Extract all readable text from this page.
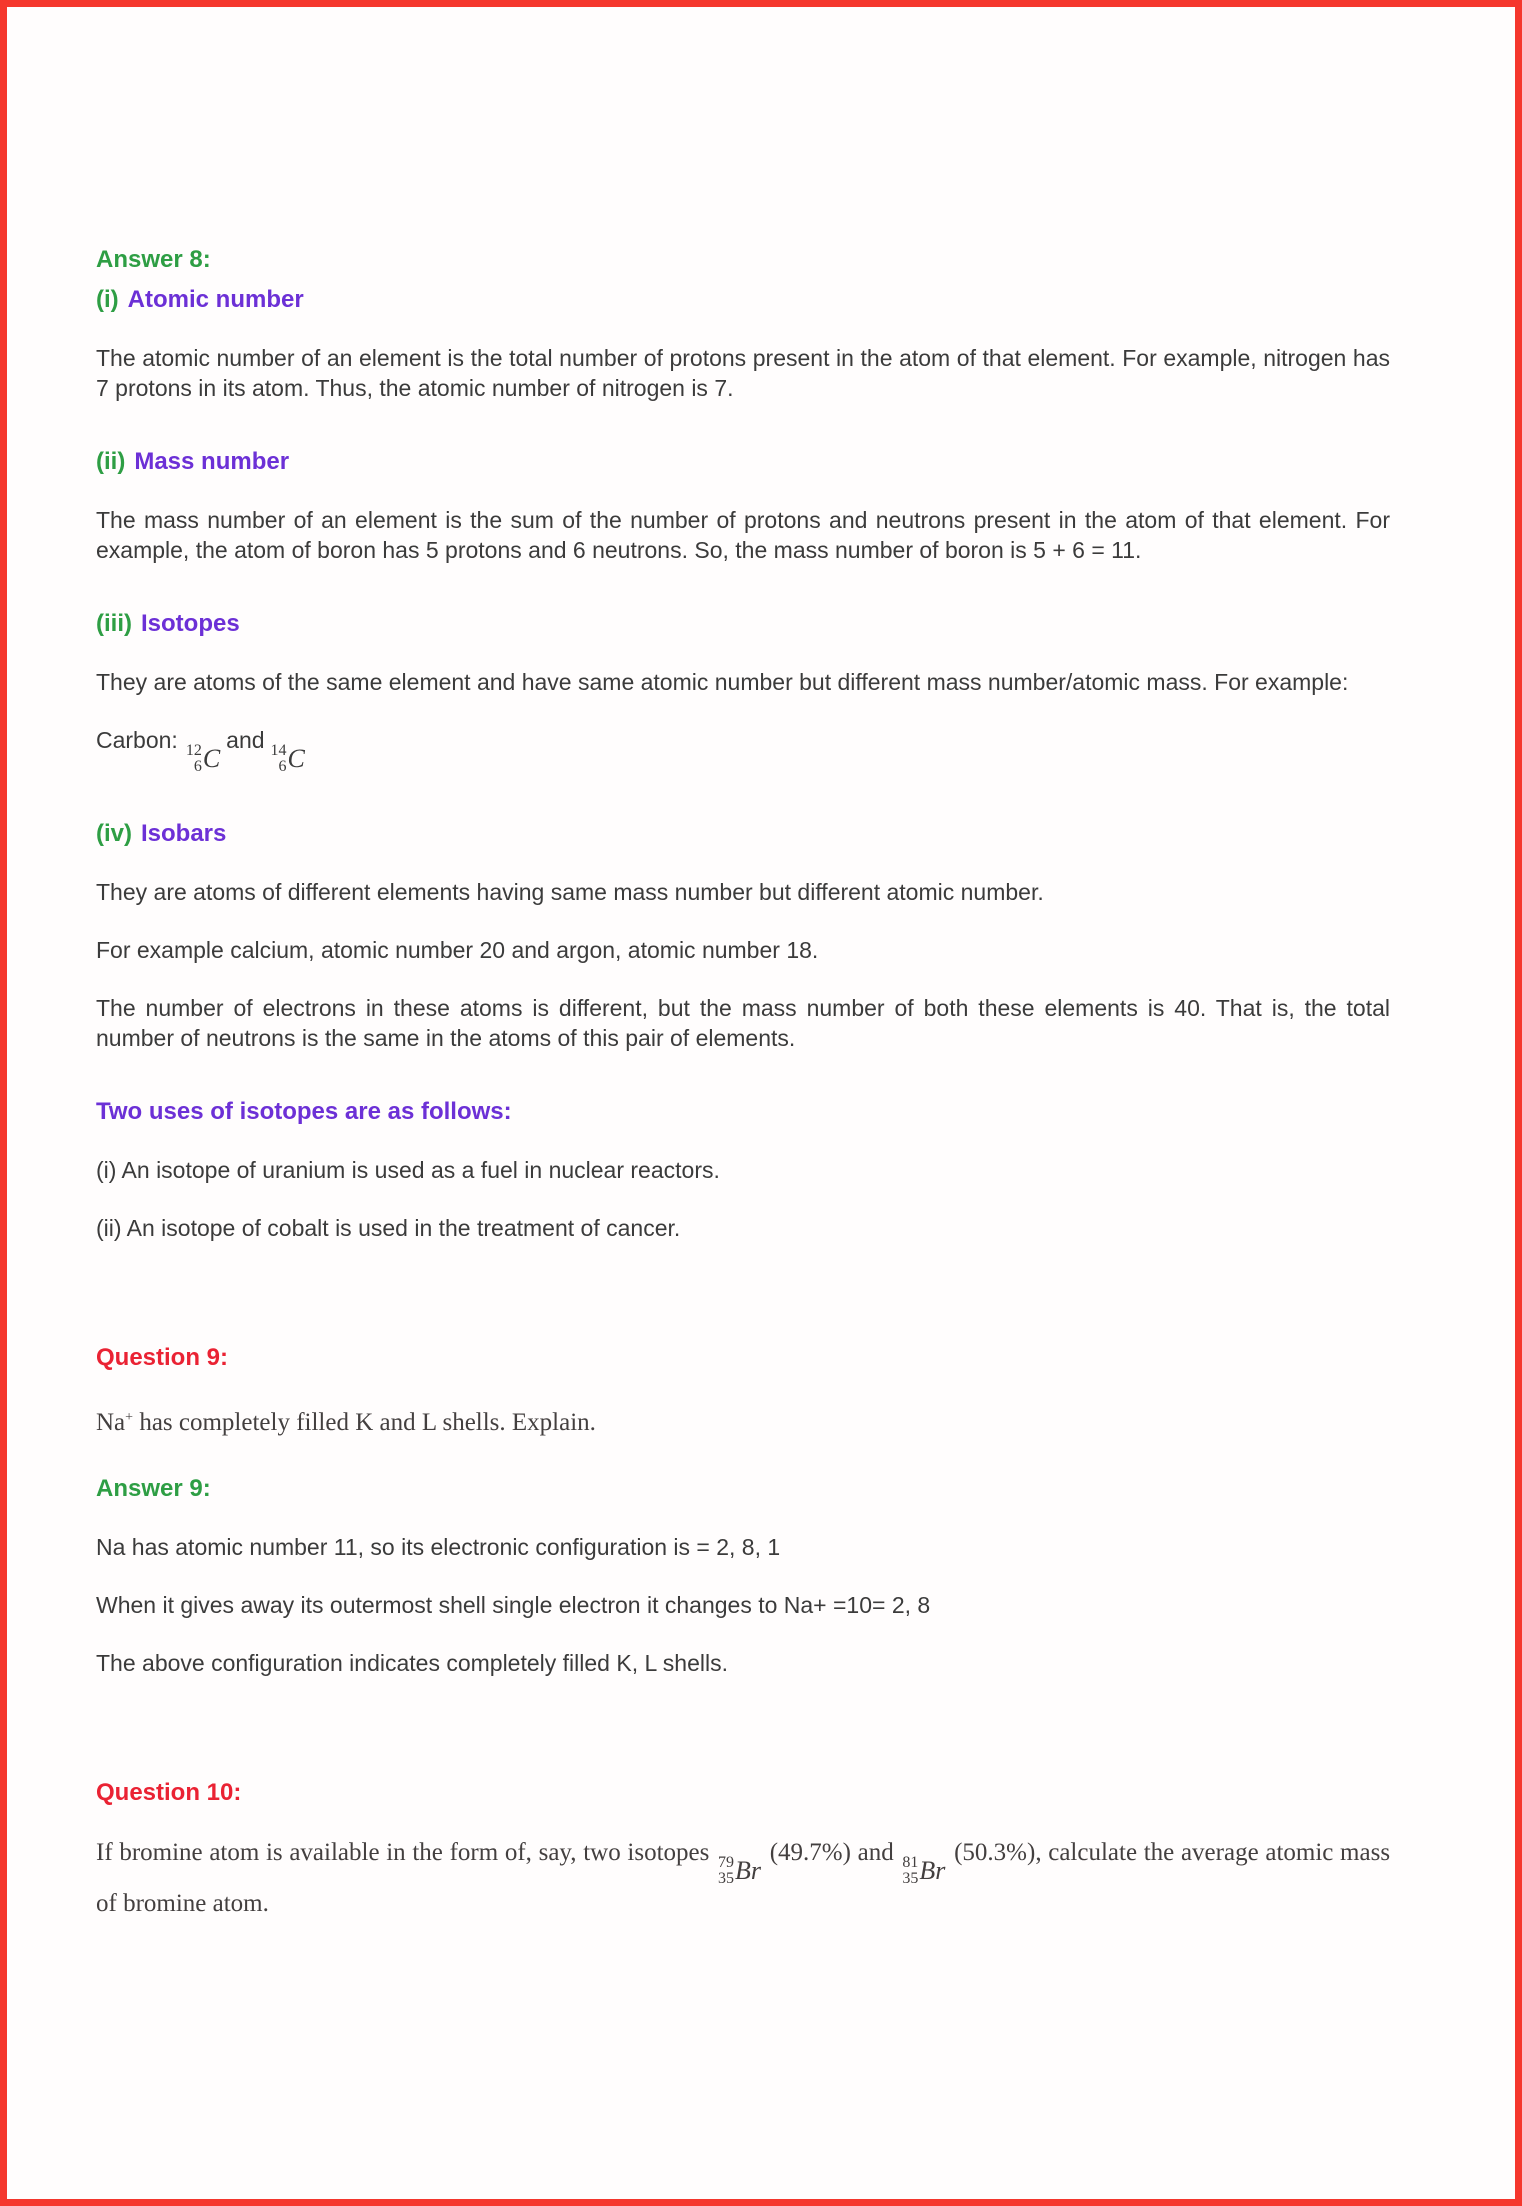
Answer 8:
(i) Atomic number

The atomic number of an element is the total number of protons present in the atom of that element. For example, nitrogen has 7 protons in its atom. Thus, the atomic number of nitrogen is 7.

(ii) Mass number

The mass number of an element is the sum of the number of protons and neutrons present in the atom of that element. For example, the atom of boron has 5 protons and 6 neutrons. So, the mass number of boron is 5 + 6 = 11.

(iii) Isotopes

They are atoms of the same element and have same atomic number but different mass number/atomic mass. For example:

Carbon: 12
6 C
and 14
6 C

(iv) Isobars

They are atoms of different elements having same mass number but different atomic number.

For example calcium, atomic number 20 and argon, atomic number 18.

The number of electrons in these atoms is different, but the mass number of both these elements is 40. That is, the total number of neutrons is the same in the atoms of this pair of elements.

Two uses of isotopes are as follows:

(i) An isotope of uranium is used as a fuel in nuclear reactors.

(ii) An isotope of cobalt is used in the treatment of cancer.

Question 9:

Na+ has completely filled K and L shells. Explain.

Answer 9:

Na has atomic number 11, so its electronic configuration is = 2, 8, 1

When it gives away its outermost shell single electron it changes to Na+ =10= 2, 8

The above configuration indicates completely filled K, L shells.

Question 10:

If bromine atom is available in the form of, say, two isotopes 79
35 Br
(49.7%) and 81
35 Br
(50.3%), calculate the average atomic mass of bromine atom.
